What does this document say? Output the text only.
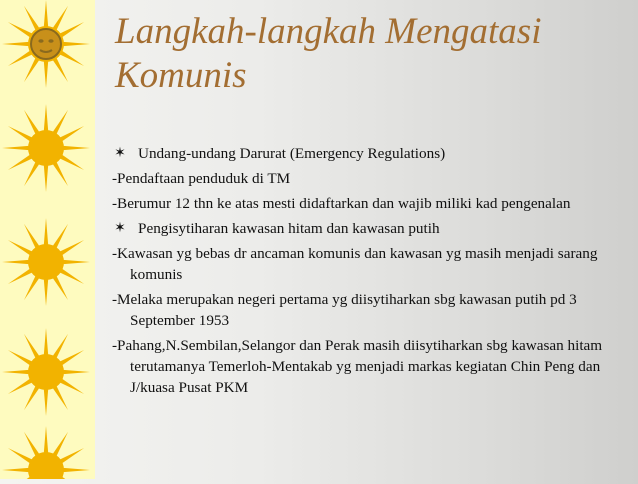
Langkah-langkah Mengatasi
Komunis

✶ Undang-undang Darurat (Emergency Regulations)

-Pendaftaan penduduk di TM

-Berumur 12 thn ke atas mesti didaftarkan dan wajib miliki kad pengenalan

✶ Pengisytiharan kawasan hitam dan kawasan putih

-Kawasan yg bebas dr ancaman komunis dan kawasan yg masih menjadi sarang komunis

-Melaka merupakan negeri pertama yg diisytiharkan sbg kawasan putih pd 3 September 1953

-Pahang,N.Sembilan,Selangor dan Perak masih diisytiharkan sbg kawasan hitam terutamanya Temerloh-Mentakab yg menjadi markas kegiatan Chin Peng dan J/kuasa Pusat PKM
